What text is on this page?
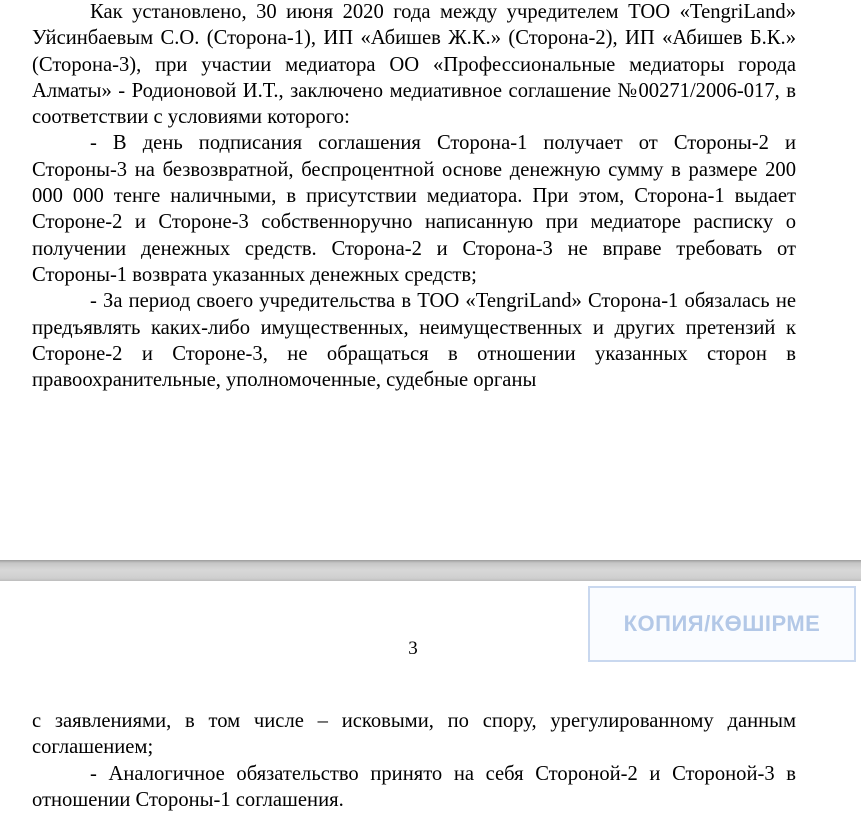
Как установлено, 30 июня 2020 года между учредителем ТОО «TengriLand» Уйсинбаевым С.О. (Сторона-1), ИП «Абишев Ж.К.» (Сторона-2), ИП «Абишев Б.К.» (Сторона-3), при участии медиатора ОО «Профессиональные медиаторы города Алматы» - Родионовой И.Т., заключено медиативное соглашение №00271/2006-017, в соответствии с условиями которого:

- В день подписания соглашения Сторона-1 получает от Стороны-2 и Стороны-3 на безвозвратной, беспроцентной основе денежную сумму в размере 200 000 000 тенге наличными, в присутствии медиатора. При этом, Сторона-1 выдает Стороне-2 и Стороне-3 собственноручно написанную при медиаторе расписку о получении денежных средств. Сторона-2 и Сторона-3 не вправе требовать от Стороны-1 возврата указанных денежных средств;

- За период своего учредительства в ТОО «TengriLand» Сторона-1 обязалась не предъявлять каких-либо имущественных, неимущественных и других претензий к Стороне-2 и Стороне-3, не обращаться в отношении указанных сторон в правоохранительные, уполномоченные, судебные органы

КОПИЯ/КӨШІРМЕ
3

с заявлениями, в том числе – исковыми, по спору, урегулированному данным соглашением;

- Аналогичное обязательство принято на себя Стороной-2 и Стороной-3 в отношении Стороны-1 соглашения.
